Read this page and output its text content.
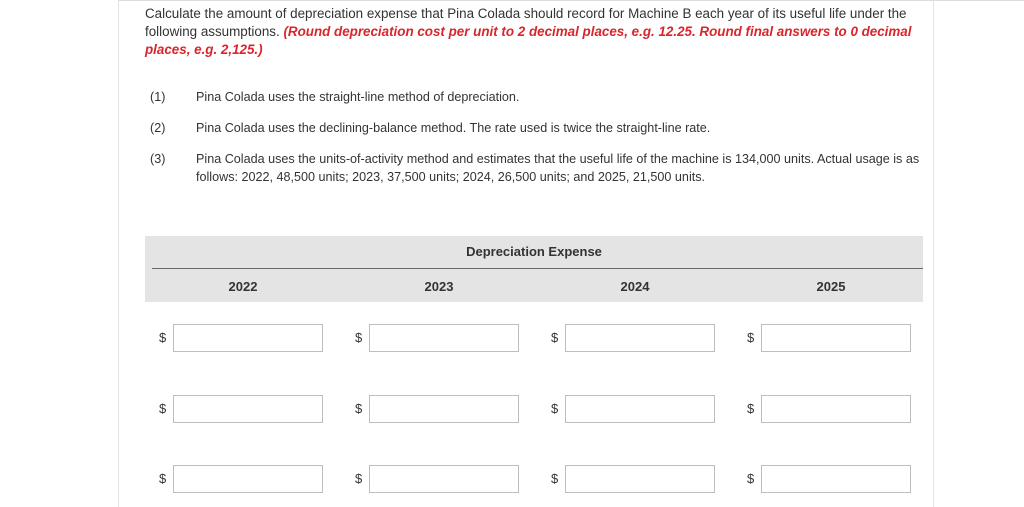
Calculate the amount of depreciation expense that Pina Colada should record for Machine B each year of its useful life under the following assumptions. (Round depreciation cost per unit to 2 decimal places, e.g. 12.25. Round final answers to 0 decimal places, e.g. 2,125.)
(1)	Pina Colada uses the straight-line method of depreciation.
(2)	Pina Colada uses the declining-balance method. The rate used is twice the straight-line rate.
(3)	Pina Colada uses the units-of-activity method and estimates that the useful life of the machine is 134,000 units. Actual usage is as follows: 2022, 48,500 units; 2023, 37,500 units; 2024, 26,500 units; and 2025, 21,500 units.
Depreciation Expense
2022	2023	2024	2025
$	$	$	$
$	$	$	$
$	$	$	$
